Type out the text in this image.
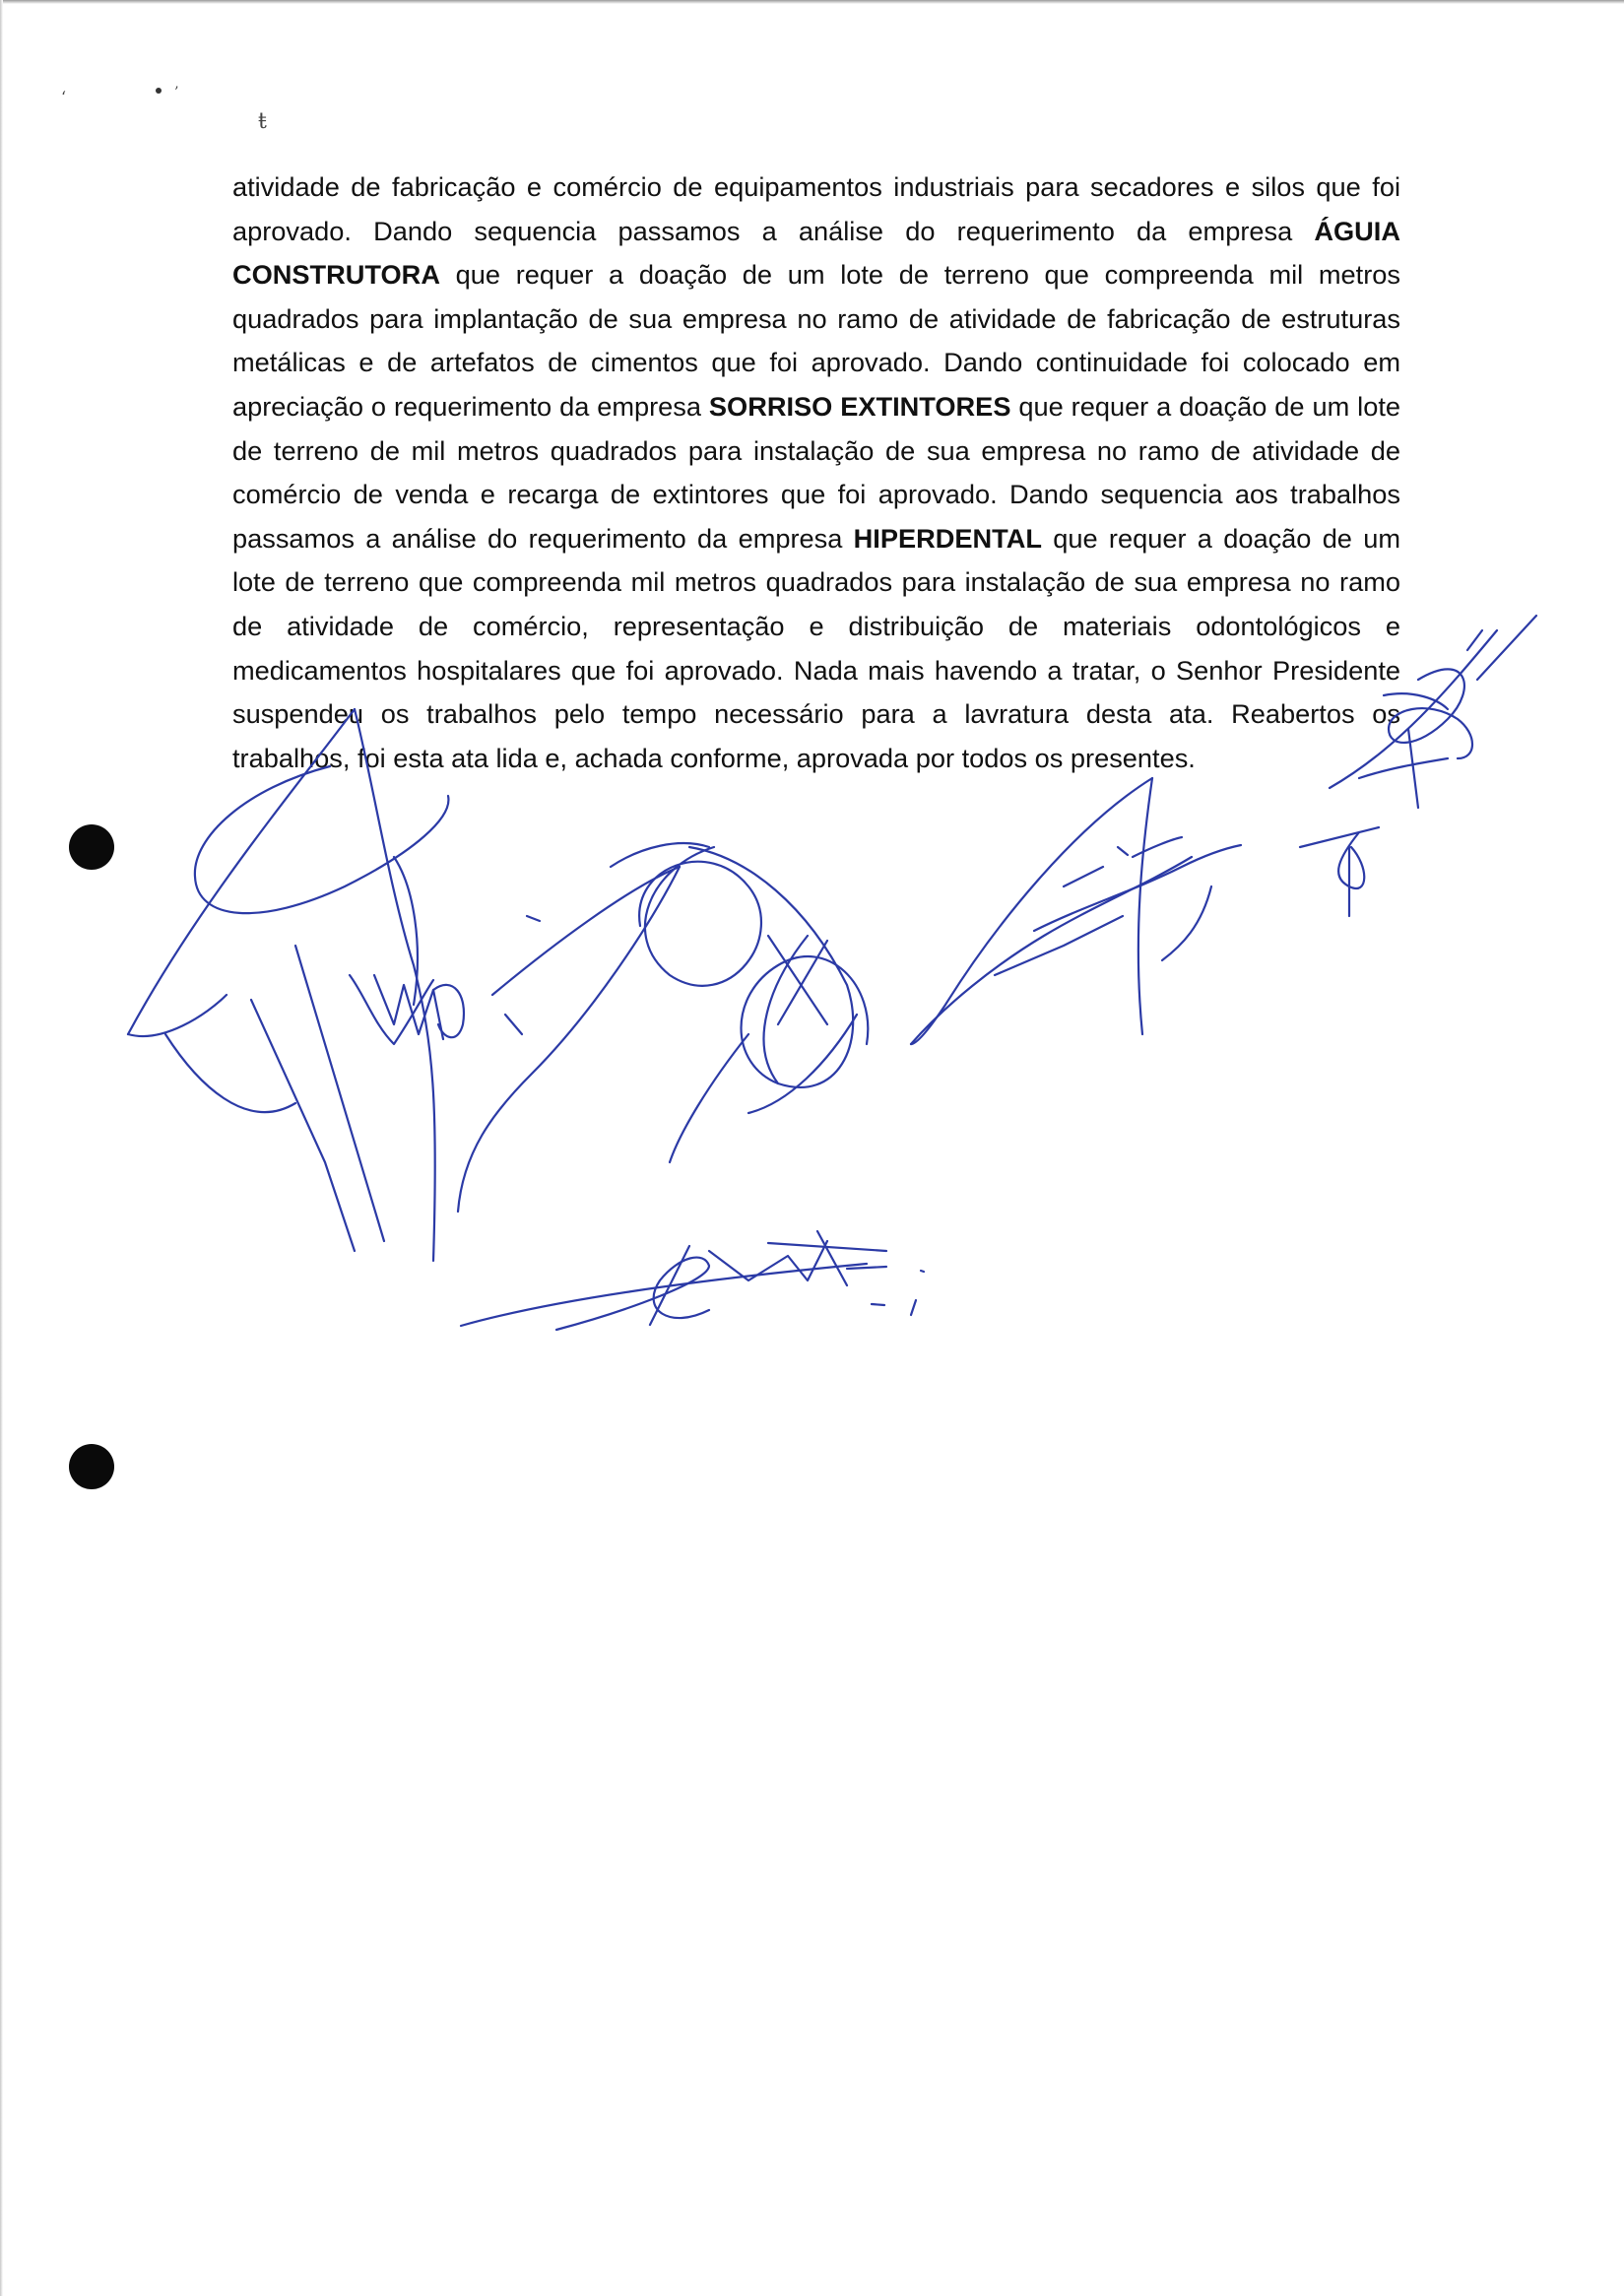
‘	’
ŧ
atividade de fabricação e comércio de equipamentos industriais para secadores e silos que foi aprovado. Dando sequencia passamos a análise do requerimento da empresa ÁGUIA CONSTRUTORA que requer a doação de um lote de terreno que compreenda mil metros quadrados para implantação de sua empresa no ramo de atividade de fabricação de estruturas metálicas e de artefatos de cimentos que foi aprovado. Dando continuidade foi colocado em apreciação o requerimento da empresa SORRISO EXTINTORES que requer a doação de um lote de terreno de mil metros quadrados para instalação de sua empresa no ramo de atividade de comércio de venda e recarga de extintores que foi aprovado. Dando sequencia aos trabalhos passamos a análise do requerimento da empresa HIPERDENTAL que requer a doação de um lote de terreno que compreenda mil metros quadrados para instalação de sua empresa no ramo de atividade de comércio, representação e distribuição de materiais odontológicos e medicamentos hospitalares que foi aprovado. Nada mais havendo a tratar, o Senhor Presidente suspendeu os trabalhos pelo tempo necessário para a lavratura desta ata. Reabertos os trabalhos, foi esta ata lida e, achada conforme, aprovada por todos os presentes.
